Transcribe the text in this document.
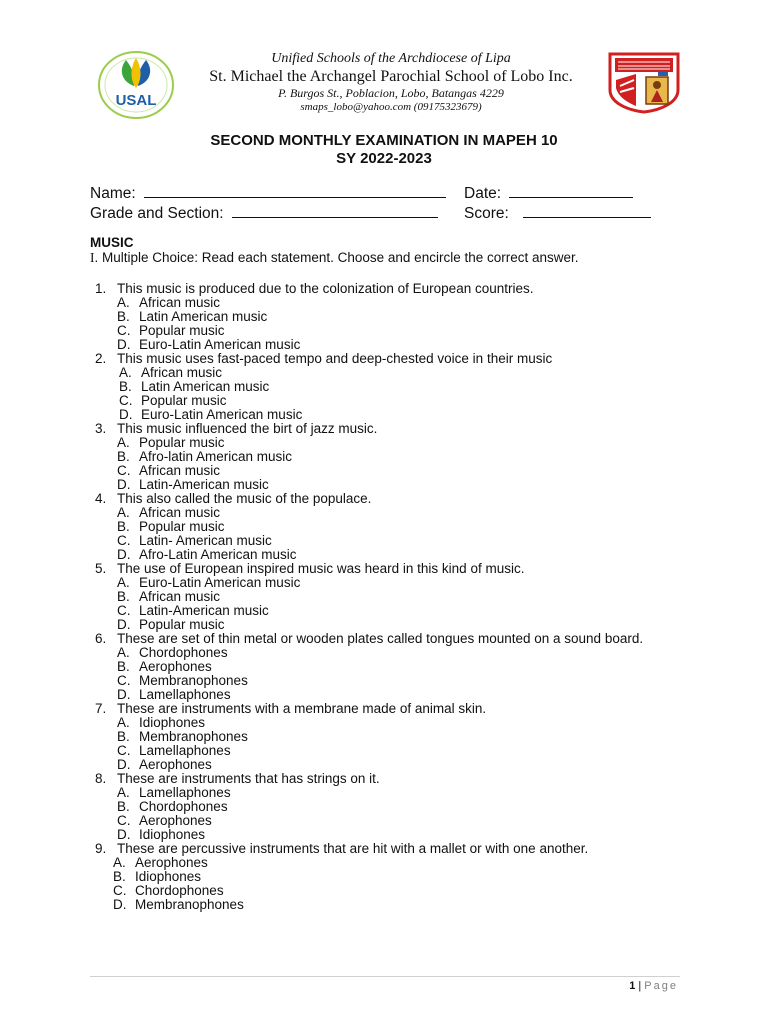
USAL
Unified Schools of the Archdiocese of Lipa
St. Michael the Archangel Parochial School of Lobo Inc.
P. Burgos St., Poblacion, Lobo, Batangas 4229
smaps_lobo@yahoo.com (09175323679)
SECOND MONTHLY EXAMINATION IN MAPEH 10
SY 2022-2023
Name:	Date:
Grade and Section:	Score:
MUSIC
I. Multiple Choice: Read each statement. Choose and encircle the correct answer.
1. This music is produced due to the colonization of European countries.
A. African music
B. Latin American music
C. Popular music
D. Euro-Latin American music
2. This music uses fast-paced tempo and deep-chested voice in their music
A. African music
B. Latin American music
C. Popular music
D. Euro-Latin American music
3. This music influenced the birt of jazz music.
A. Popular music
B. Afro-latin American music
C. African music
D. Latin-American music
4. This also called the music of the populace.
A. African music
B. Popular music
C. Latin- American music
D. Afro-Latin American music
5. The use of European inspired music was heard in this kind of music.
A. Euro-Latin American music
B. African music
C. Latin-American music
D. Popular music
6. These are set of thin metal or wooden plates called tongues mounted on a sound board.
A. Chordophones
B. Aerophones
C. Membranophones
D. Lamellaphones
7. These are instruments with a membrane made of animal skin.
A. Idiophones
B. Membranophones
C. Lamellaphones
D. Aerophones
8. These are instruments that has strings on it.
A. Lamellaphones
B. Chordophones
C. Aerophones
D. Idiophones
9. These are percussive instruments that are hit with a mallet or with one another.
A. Aerophones
B. Idiophones
C. Chordophones
D. Membranophones
1 | Page
